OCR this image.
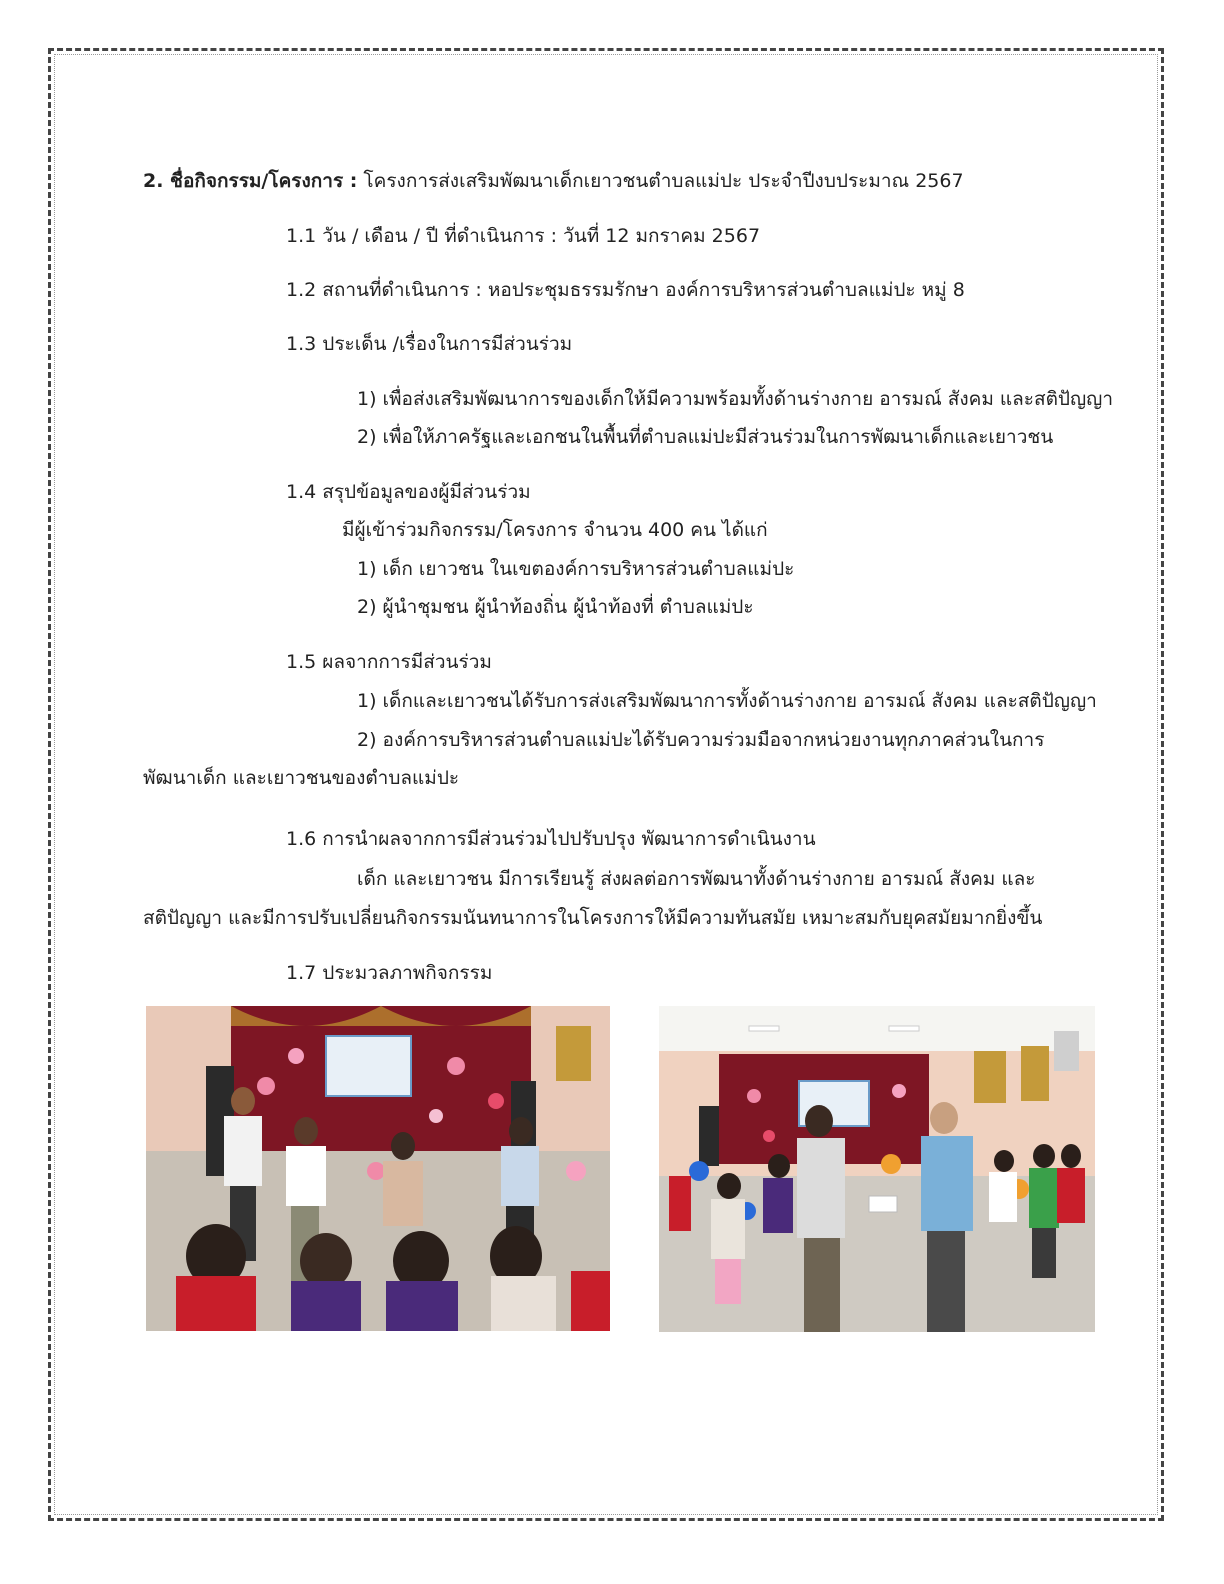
2. ชื่อกิจกรรม/โครงการ : โครงการส่งเสริมพัฒนาเด็กเยาวชนตำบลแม่ปะ ประจำปีงบประมาณ 2567
1.1 วัน / เดือน / ปี ที่ดำเนินการ : วันที่ 12 มกราคม 2567
1.2 สถานที่ดำเนินการ : หอประชุมธรรมรักษา องค์การบริหารส่วนตำบลแม่ปะ หมู่ 8
1.3 ประเด็น /เรื่องในการมีส่วนร่วม
1) เพื่อส่งเสริมพัฒนาการของเด็กให้มีความพร้อมทั้งด้านร่างกาย อารมณ์ สังคม และสติปัญญา
2) เพื่อให้ภาครัฐและเอกชนในพื้นที่ตำบลแม่ปะมีส่วนร่วมในการพัฒนาเด็กและเยาวชน
1.4 สรุปข้อมูลของผู้มีส่วนร่วม
มีผู้เข้าร่วมกิจกรรม/โครงการ จำนวน 400 คน ได้แก่
1) เด็ก เยาวชน ในเขตองค์การบริหารส่วนตำบลแม่ปะ
2) ผู้นำชุมชน ผู้นำท้องถิ่น ผู้นำท้องที่ ตำบลแม่ปะ
1.5 ผลจากการมีส่วนร่วม
1) เด็กและเยาวชนได้รับการส่งเสริมพัฒนาการทั้งด้านร่างกาย อารมณ์ สังคม และสติปัญญา
2) องค์การบริหารส่วนตำบลแม่ปะได้รับความร่วมมือจากหน่วยงานทุกภาคส่วนในการ
พัฒนาเด็ก และเยาวชนของตำบลแม่ปะ
1.6 การนำผลจากการมีส่วนร่วมไปปรับปรุง พัฒนาการดำเนินงาน
เด็ก และเยาวชน มีการเรียนรู้ ส่งผลต่อการพัฒนาทั้งด้านร่างกาย อารมณ์ สังคม และ
สติปัญญา และมีการปรับเปลี่ยนกิจกรรมนันทนาการในโครงการให้มีความทันสมัย เหมาะสมกับยุคสมัยมากยิ่งขึ้น
1.7 ประมวลภาพกิจกรรม
